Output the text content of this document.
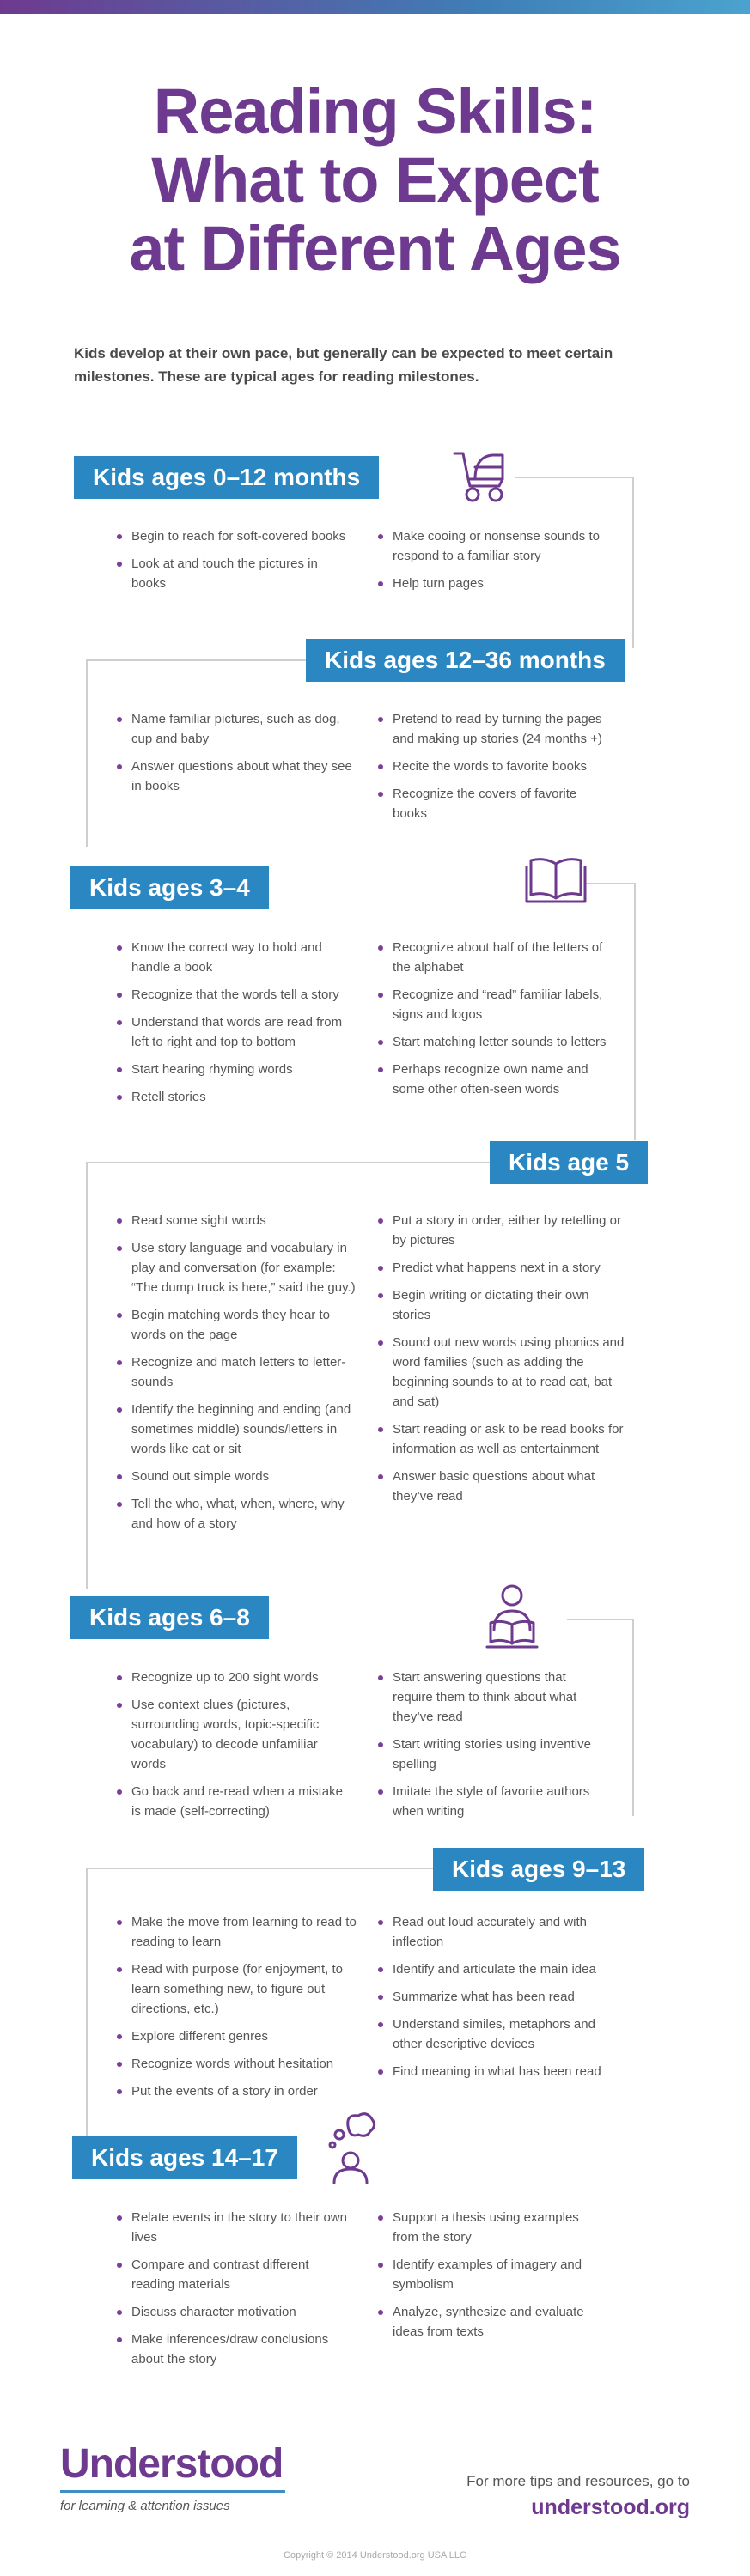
Reading Skills:
What to Expect
at Different Ages
Kids develop at their own pace, but generally can be expected to meet certain milestones. These are typical ages for reading milestones.
Kids ages 0–12 months
Begin to reach for soft-covered books
Look at and touch the pictures in books
Make cooing or nonsense sounds to respond to a familiar story
Help turn pages
Kids ages 12–36 months
Name familiar pictures, such as dog, cup and baby
Answer questions about what they see in books
Pretend to read by turning the pages and making up stories (24 months +)
Recite the words to favorite books
Recognize the covers of favorite books
Kids ages 3–4
Know the correct way to hold and handle a book
Recognize that the words tell a story
Understand that words are read from left to right and top to bottom
Start hearing rhyming words
Retell stories
Recognize about half of the letters of the alphabet
Recognize and “read” familiar labels, signs and logos
Start matching letter sounds to letters
Perhaps recognize own name and some other often-seen words
Kids age 5
Read some sight words
Use story language and vocabulary in play and conversation (for example: “The dump truck is here,” said the guy.)
Begin matching words they hear to words on the page
Recognize and match letters to letter-sounds
Identify the beginning and ending (and sometimes middle) sounds/letters in words like cat or sit
Sound out simple words
Tell the who, what, when, where, why and how of a story
Put a story in order, either by retelling or by pictures
Predict what happens next in a story
Begin writing or dictating their own stories
Sound out new words using phonics and word families (such as adding the beginning sounds to at to read cat, bat and sat)
Start reading or ask to be read books for information as well as entertainment
Answer basic questions about what they’ve read
Kids ages 6–8
Recognize up to 200 sight words
Use context clues (pictures, surrounding words, topic-specific vocabulary) to decode unfamiliar words
Go back and re-read when a mistake is made (self-correcting)
Start answering questions that require them to think about what they’ve read
Start writing stories using inventive spelling
Imitate the style of favorite authors when writing
Kids ages 9–13
Make the move from learning to read to reading to learn
Read with purpose (for enjoyment, to learn something new, to figure out directions, etc.)
Explore different genres
Recognize words without hesitation
Put the events of a story in order
Read out loud accurately and with inflection
Identify and articulate the main idea
Summarize what has been read
Understand similes, metaphors and other descriptive devices
Find meaning in what has been read
Kids ages 14–17
Relate events in the story to their own lives
Compare and contrast different reading materials
Discuss character motivation
Make inferences/draw conclusions about the story
Support a thesis using examples from the story
Identify examples of imagery and symbolism
Analyze, synthesize and evaluate ideas from texts
Understood
for learning & attention issues
For more tips and resources, go to
understood.org
Copyright © 2014 Understood.org USA LLC
